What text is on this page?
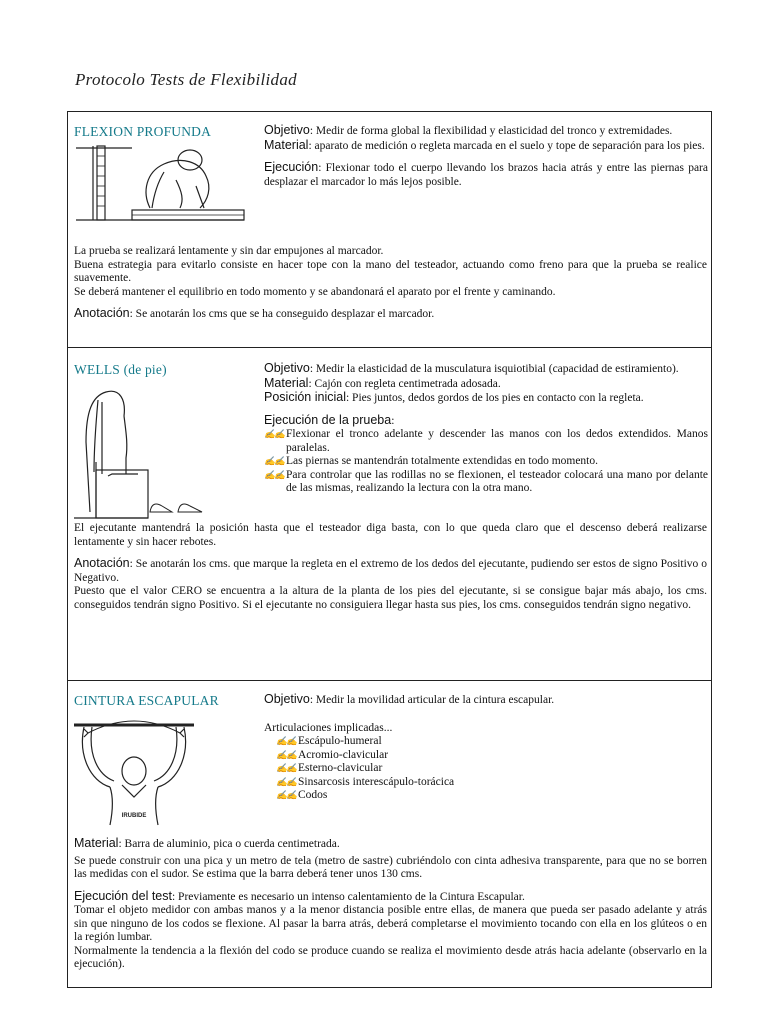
Protocolo Tests de Flexibilidad
FLEXION PROFUNDA	Objetivo: Medir de forma global la flexibilidad y elasticidad del tronco y extremidades.

Material: aparato de medición o regleta marcada en el suelo y tope de separación para los pies.

Ejecución: Flexionar todo el cuerpo llevando los brazos hacia atrás y entre las piernas para desplazar el marcador lo más lejos posible.

La prueba se realizará lentamente y sin dar empujones al marcador.

Buena estrategia para evitarlo consiste en hacer tope con la mano del testeador, actuando como freno para que la prueba se realice suavemente.

Se deberá mantener el equilibrio en todo momento y se abandonará el aparato por el frente y caminando.

Anotación: Se anotarán los cms que se ha conseguido desplazar el marcador.

WELLS (de pie)	Objetivo: Medir la elasticidad de la musculatura isquiotibial (capacidad de estiramiento).

Material: Cajón con regleta centimetrada adosada.

Posición inicial: Pies juntos, dedos gordos de los pies en contacto con la regleta.

Ejecución de la prueba:

✍✍ Flexionar el tronco adelante y descender las manos con los dedos extendidos. Manos paralelas.
✍✍ Las piernas se mantendrán totalmente extendidas en todo momento.
✍✍ Para controlar que las rodillas no se flexionen, el testeador colocará una mano por delante de las mismas, realizando la lectura con la otra mano.

El ejecutante mantendrá la posición hasta que el testeador diga basta, con lo que queda claro que el descenso deberá realizarse lentamente y sin hacer rebotes.

Anotación: Se anotarán los cms. que marque la regleta en el extremo de los dedos del ejecutante, pudiendo ser estos de signo Positivo o Negativo.

Puesto que el valor CERO se encuentra a la altura de la planta de los pies del ejecutante, si se consigue bajar más abajo, los cms. conseguidos tendrán signo Positivo. Si el ejecutante no consiguiera llegar hasta sus pies, los cms. conseguidos tendrán signo negativo.

CINTURA ESCAPULAR
IRUBIDE

Objetivo: Medir la movilidad articular de la cintura escapular.

Articulaciones implicadas...

✍✍ Escápulo-humeral
✍✍ Acromio-clavicular
✍✍ Esterno-clavicular
✍✍ Sinsarcosis interescápulo-torácica
✍✍ Codos

Material: Barra de aluminio, pica o cuerda centimetrada.

Se puede construir con una pica y un metro de tela (metro de sastre) cubriéndolo con cinta adhesiva transparente, para que no se borren las medidas con el sudor. Se estima que la barra deberá tener unos 130 cms.

Ejecución del test: Previamente es necesario un intenso calentamiento de la Cintura Escapular.

Tomar el objeto medidor con ambas manos y a la menor distancia posible entre ellas, de manera que pueda ser pasado adelante y atrás sin que ninguno de los codos se flexione. Al pasar la barra atrás, deberá completarse el movimiento tocando con ella en los glúteos o en la región lumbar.

Normalmente la tendencia a la flexión del codo se produce cuando se realiza el movimiento desde atrás hacia adelante (observarlo en la ejecución).
